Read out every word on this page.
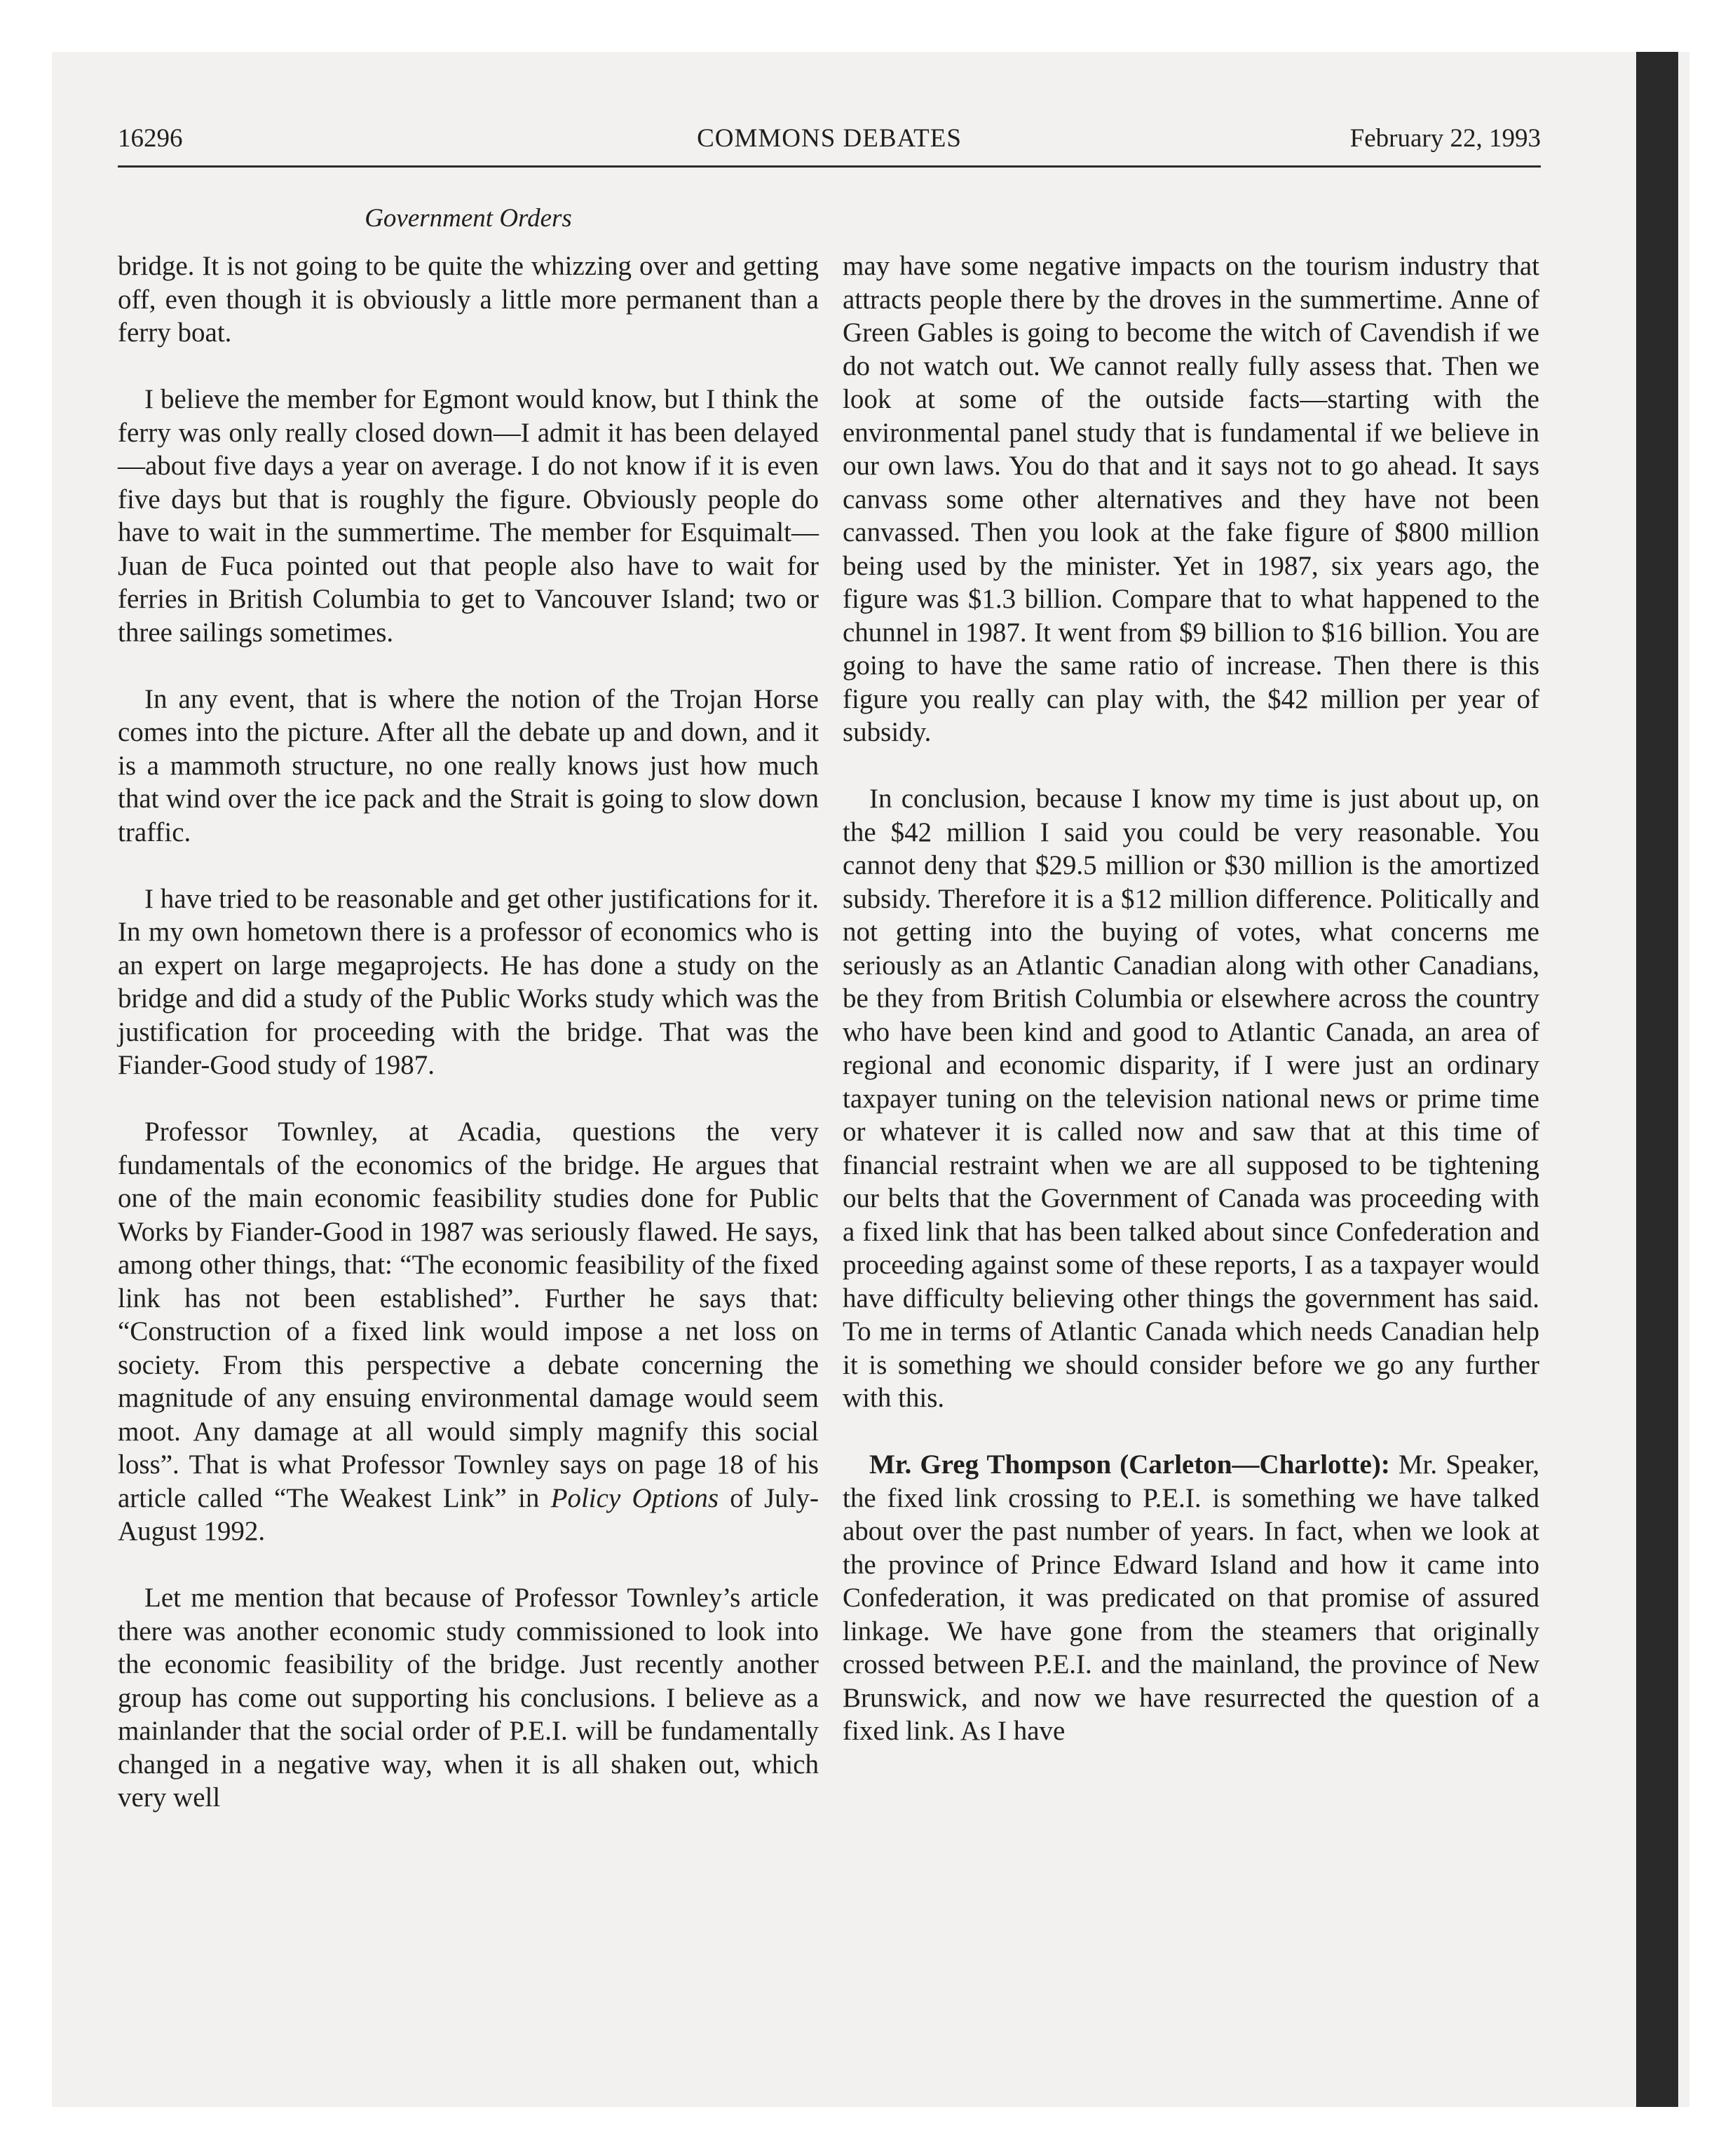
16296	COMMONS DEBATES	February 22, 1993
Government Orders

bridge. It is not going to be quite the whizzing over and getting off, even though it is obviously a little more permanent than a ferry boat.

I believe the member for Egmont would know, but I think the ferry was only really closed down—I admit it has been delayed—about five days a year on average. I do not know if it is even five days but that is roughly the figure. Obviously people do have to wait in the summertime. The member for Esquimalt—Juan de Fuca pointed out that people also have to wait for ferries in British Columbia to get to Vancouver Island; two or three sailings sometimes.

In any event, that is where the notion of the Trojan Horse comes into the picture. After all the debate up and down, and it is a mammoth structure, no one really knows just how much that wind over the ice pack and the Strait is going to slow down traffic.

I have tried to be reasonable and get other justifications for it. In my own hometown there is a professor of economics who is an expert on large megaprojects. He has done a study on the bridge and did a study of the Public Works study which was the justification for proceeding with the bridge. That was the Fiander-Good study of 1987.

Professor Townley, at Acadia, questions the very fundamentals of the economics of the bridge. He argues that one of the main economic feasibility studies done for Public Works by Fiander-Good in 1987 was seriously flawed. He says, among other things, that: “The economic feasibility of the fixed link has not been established”. Further he says that: “Construction of a fixed link would impose a net loss on society. From this perspective a debate concerning the magnitude of any ensuing environmental damage would seem moot. Any damage at all would simply magnify this social loss”. That is what Professor Townley says on page 18 of his article called “The Weakest Link” in Policy Options of July-August 1992.

Let me mention that because of Professor Townley’s article there was another economic study commissioned to look into the economic feasibility of the bridge. Just recently another group has come out supporting his conclusions. I believe as a mainlander that the social order of P.E.I. will be fundamentally changed in a negative way, when it is all shaken out, which very well

may have some negative impacts on the tourism industry that attracts people there by the droves in the summertime. Anne of Green Gables is going to become the witch of Cavendish if we do not watch out. We cannot really fully assess that. Then we look at some of the outside facts—starting with the environmental panel study that is fundamental if we believe in our own laws. You do that and it says not to go ahead. It says canvass some other alternatives and they have not been canvassed. Then you look at the fake figure of $800 million being used by the minister. Yet in 1987, six years ago, the figure was $1.3 billion. Compare that to what happened to the chunnel in 1987. It went from $9 billion to $16 billion. You are going to have the same ratio of increase. Then there is this figure you really can play with, the $42 million per year of subsidy.

In conclusion, because I know my time is just about up, on the $42 million I said you could be very reasonable. You cannot deny that $29.5 million or $30 million is the amortized subsidy. Therefore it is a $12 million difference. Politically and not getting into the buying of votes, what concerns me seriously as an Atlantic Canadian along with other Canadians, be they from British Columbia or elsewhere across the country who have been kind and good to Atlantic Canada, an area of regional and economic disparity, if I were just an ordinary taxpayer tuning on the television national news or prime time or whatever it is called now and saw that at this time of financial restraint when we are all supposed to be tightening our belts that the Government of Canada was proceeding with a fixed link that has been talked about since Confederation and proceeding against some of these reports, I as a taxpayer would have difficulty believing other things the government has said. To me in terms of Atlantic Canada which needs Canadian help it is something we should consider before we go any further with this.

Mr. Greg Thompson (Carleton—Charlotte): Mr. Speaker, the fixed link crossing to P.E.I. is something we have talked about over the past number of years. In fact, when we look at the province of Prince Edward Island and how it came into Confederation, it was predicated on that promise of assured linkage. We have gone from the steamers that originally crossed between P.E.I. and the mainland, the province of New Brunswick, and now we have resurrected the question of a fixed link. As I have
